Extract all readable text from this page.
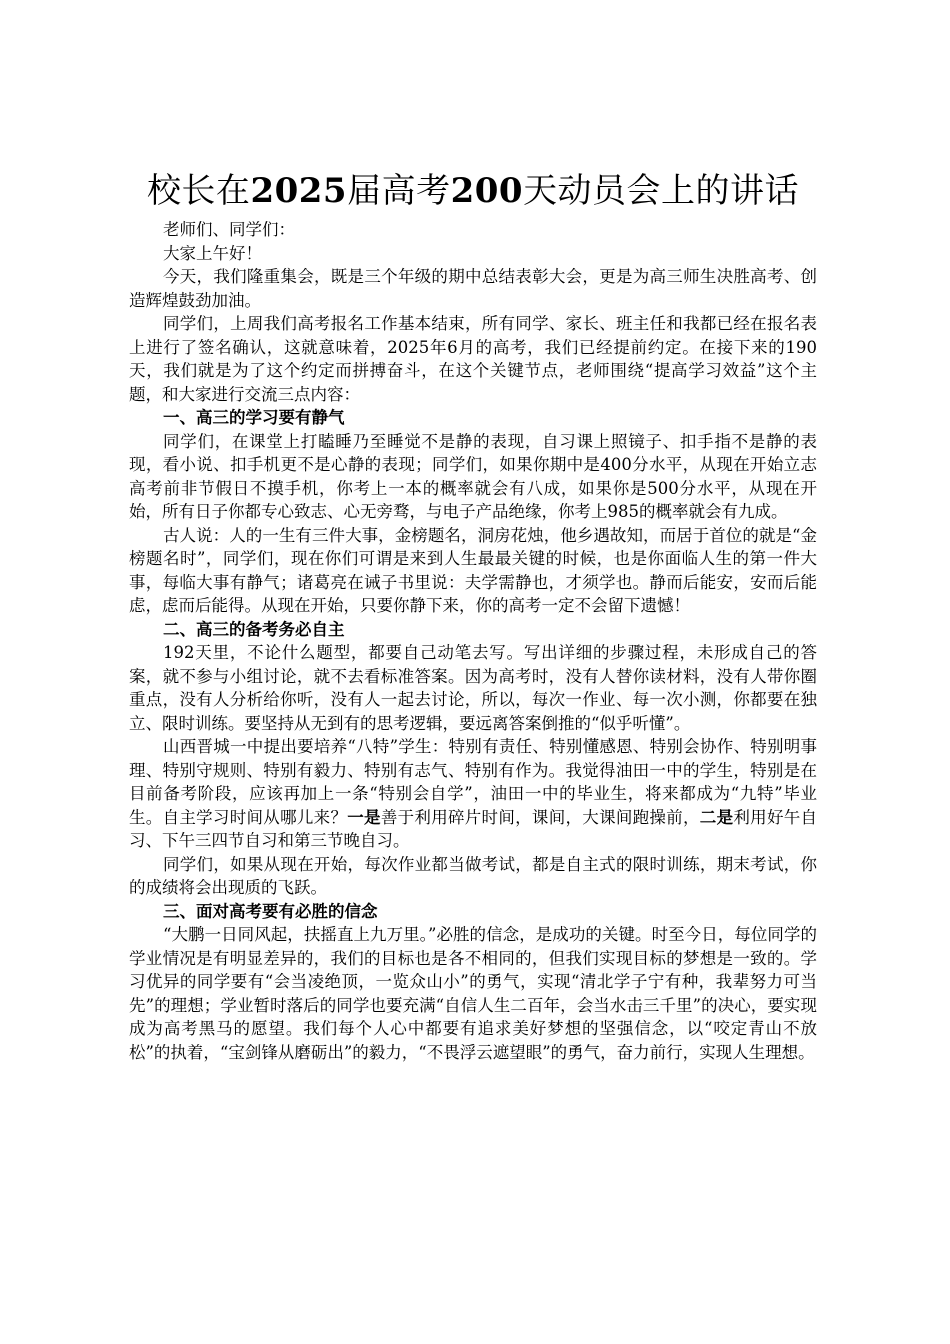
校长在2025届高考200天动员会上的讲话

老师们、同学们：

大家上午好！

今天，我们隆重集会，既是三个年级的期中总结表彰大会，更是为高三师生决胜高考、创造辉煌鼓劲加油。

同学们，上周我们高考报名工作基本结束，所有同学、家长、班主任和我都已经在报名表上进行了签名确认，这就意味着，2025年6月的高考，我们已经提前约定。在接下来的190天，我们就是为了这个约定而拼搏奋斗，在这个关键节点，老师围绕“提高学习效益”这个主题，和大家进行交流三点内容：

一、高三的学习要有静气

同学们，在课堂上打瞌睡乃至睡觉不是静的表现，自习课上照镜子、扣手指不是静的表现，看小说、扣手机更不是心静的表现；同学们，如果你期中是400分水平，从现在开始立志高考前非节假日不摸手机，你考上一本的概率就会有八成，如果你是500分水平，从现在开始，所有日子你都专心致志、心无旁骛，与电子产品绝缘，你考上985的概率就会有九成。

古人说：人的一生有三件大事，金榜题名，洞房花烛，他乡遇故知，而居于首位的就是“金榜题名时”，同学们，现在你们可谓是来到人生最最关键的时候，也是你面临人生的第一件大事，每临大事有静气；诸葛亮在诫子书里说：夫学需静也，才须学也。静而后能安，安而后能虑，虑而后能得。从现在开始，只要你静下来，你的高考一定不会留下遗憾！

二、高三的备考务必自主

192天里，不论什么题型，都要自己动笔去写。写出详细的步骤过程，未形成自己的答案，就不参与小组讨论，就不去看标准答案。因为高考时，没有人替你读材料，没有人带你圈重点，没有人分析给你听，没有人一起去讨论，所以，每次一作业、每一次小测，你都要在独立、限时训练。要坚持从无到有的思考逻辑，要远离答案倒推的“似乎听懂”。

山西晋城一中提出要培养“八特”学生：特别有责任、特别懂感恩、特别会协作、特别明事理、特别守规则、特别有毅力、特别有志气、特别有作为。我觉得油田一中的学生，特别是在目前备考阶段，应该再加上一条“特别会自学”，油田一中的毕业生，将来都成为“九特”毕业生。自主学习时间从哪儿来？一是善于利用碎片时间，课间，大课间跑操前，二是利用好午自习、下午三四节自习和第三节晚自习。

同学们，如果从现在开始，每次作业都当做考试，都是自主式的限时训练，期末考试，你的成绩将会出现质的飞跃。

三、面对高考要有必胜的信念

“大鹏一日同风起，扶摇直上九万里。”必胜的信念，是成功的关键。时至今日，每位同学的学业情况是有明显差异的，我们的目标也是各不相同的，但我们实现目标的梦想是一致的。学习优异的同学要有“会当凌绝顶，一览众山小”的勇气，实现“清北学子宁有种，我辈努力可当先”的理想；学业暂时落后的同学也要充满“自信人生二百年，会当水击三千里”的决心，要实现成为高考黑马的愿望。我们每个人心中都要有追求美好梦想的坚强信念，以“咬定青山不放松”的执着，“宝剑锋从磨砺出”的毅力，“不畏浮云遮望眼”的勇气，奋力前行，实现人生理想。
